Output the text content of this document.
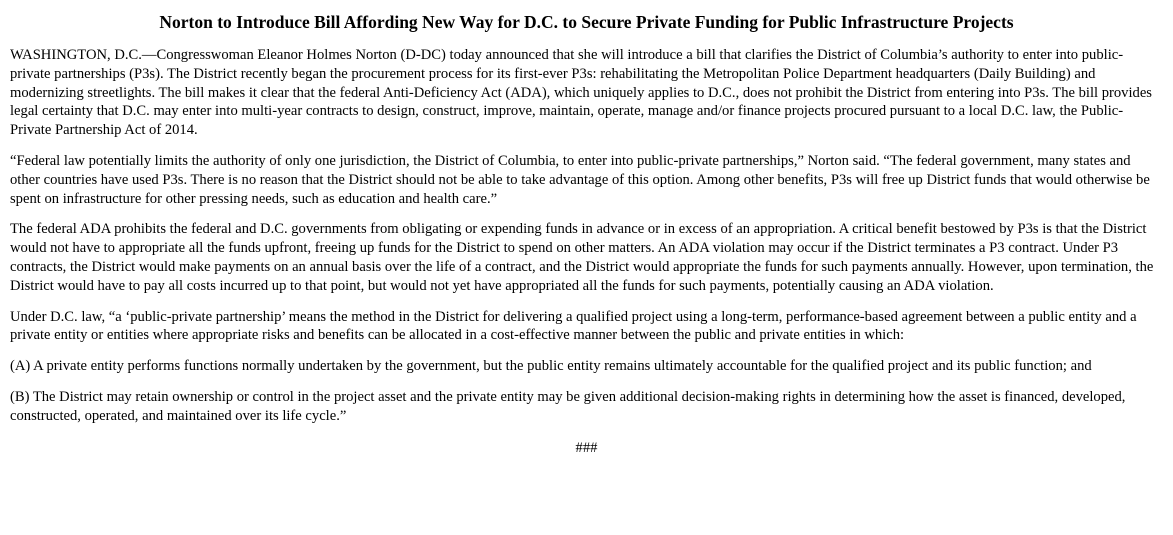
Norton to Introduce Bill Affording New Way for D.C. to Secure Private Funding for Public Infrastructure Projects

WASHINGTON, D.C.—Congresswoman Eleanor Holmes Norton (D-DC) today announced that she will introduce a bill that clarifies the District of Columbia’s authority to enter into public-private partnerships (P3s). The District recently began the procurement process for its first-ever P3s: rehabilitating the Metropolitan Police Department headquarters (Daily Building) and modernizing streetlights. The bill makes it clear that the federal Anti-Deficiency Act (ADA), which uniquely applies to D.C., does not prohibit the District from entering into P3s. The bill provides legal certainty that D.C. may enter into multi-year contracts to design, construct, improve, maintain, operate, manage and/or finance projects procured pursuant to a local D.C. law, the Public-Private Partnership Act of 2014.

“Federal law potentially limits the authority of only one jurisdiction, the District of Columbia, to enter into public-private partnerships,” Norton said. “The federal government, many states and other countries have used P3s. There is no reason that the District should not be able to take advantage of this option. Among other benefits, P3s will free up District funds that would otherwise be spent on infrastructure for other pressing needs, such as education and health care.”

The federal ADA prohibits the federal and D.C. governments from obligating or expending funds in advance or in excess of an appropriation. A critical benefit bestowed by P3s is that the District would not have to appropriate all the funds upfront, freeing up funds for the District to spend on other matters. An ADA violation may occur if the District terminates a P3 contract. Under P3 contracts, the District would make payments on an annual basis over the life of a contract, and the District would appropriate the funds for such payments annually. However, upon termination, the District would have to pay all costs incurred up to that point, but would not yet have appropriated all the funds for such payments, potentially causing an ADA violation.

Under D.C. law, “a ‘public-private partnership’ means the method in the District for delivering a qualified project using a long-term, performance-based agreement between a public entity and a private entity or entities where appropriate risks and benefits can be allocated in a cost-effective manner between the public and private entities in which:

(A) A private entity performs functions normally undertaken by the government, but the public entity remains ultimately accountable for the qualified project and its public function; and

(B) The District may retain ownership or control in the project asset and the private entity may be given additional decision-making rights in determining how the asset is financed, developed, constructed, operated, and maintained over its life cycle.”

###
